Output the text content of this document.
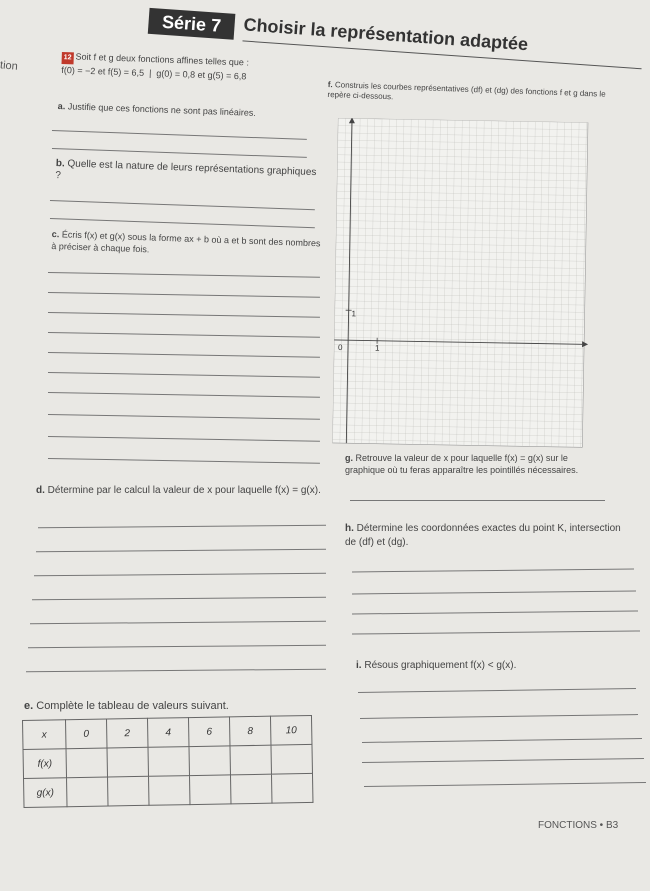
Série 7	Choisir la représentation adaptée
tion
12 Soit f et g deux fonctions affines telles que :
f(0) = −2 et f(5) = 6,5  |  g(0) = 0,8 et g(5) = 6,8
a. Justifie que ces fonctions ne sont pas linéaires.
b. Quelle est la nature de leurs représentations graphiques ?
c. Écris f(x) et g(x) sous la forme ax + b où a et b sont des nombres à préciser à chaque fois.
f. Construis les courbes représentatives (df) et (dg) des fonctions f et g dans le repère ci-dessous.
1
0	1
g. Retrouve la valeur de x pour laquelle f(x) = g(x) sur le graphique où tu feras apparaître les pointillés nécessaires.
d. Détermine par le calcul la valeur de x pour laquelle f(x) = g(x).
h. Détermine les coordonnées exactes du point K, intersection de (df) et (dg).
i. Résous graphiquement f(x) < g(x).
e. Complète le tableau de valeurs suivant.
x	0	2	4	6	8	10
f(x)						
g(x)						
FONCTIONS • B3
